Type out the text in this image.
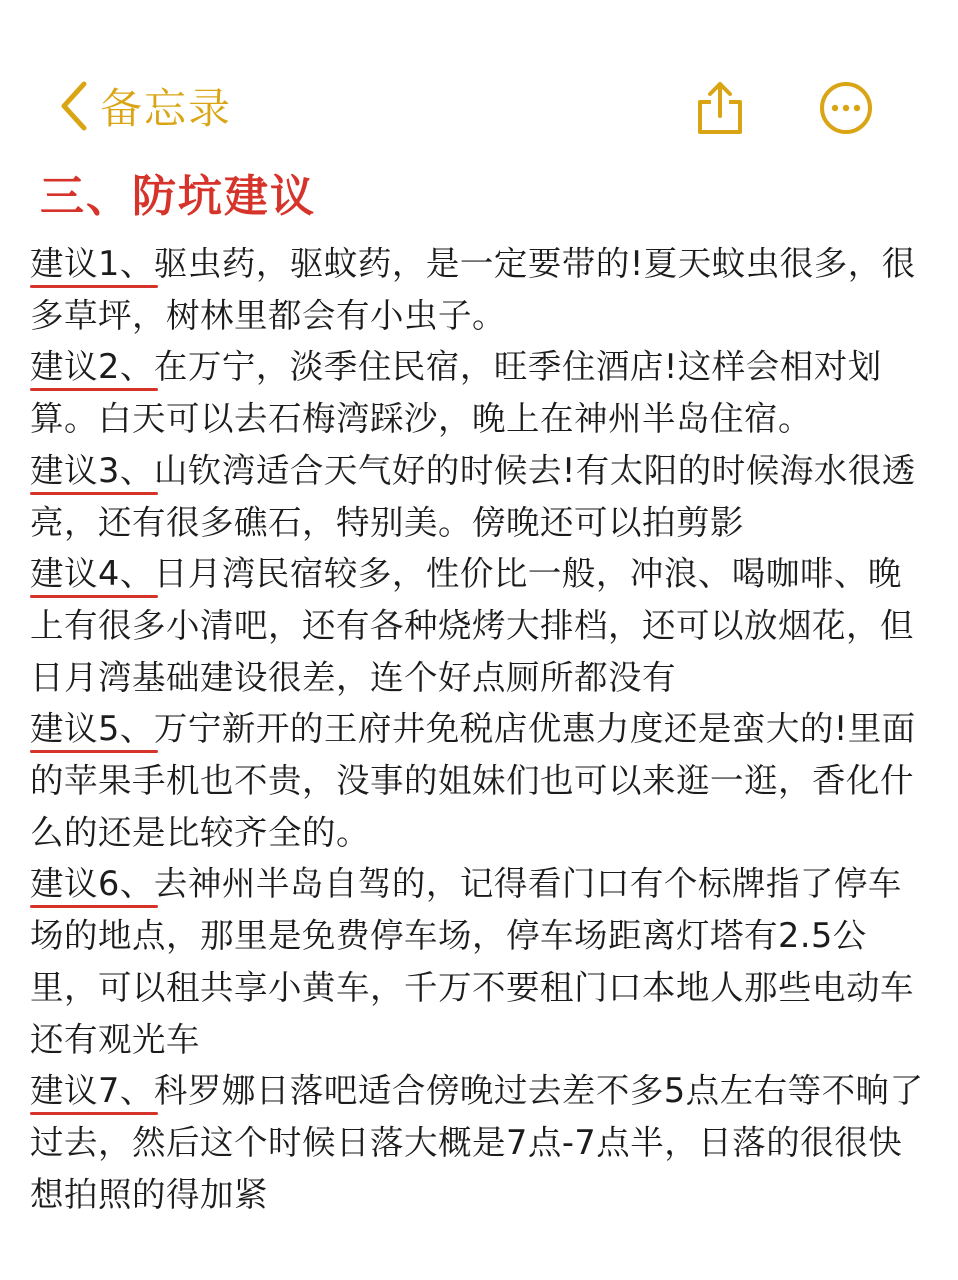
备忘录
三、防坑建议

建议1、驱虫药，驱蚊药，是一定要带的!夏天蚊虫很多，很多草坪，树林里都会有小虫子。

建议2、在万宁，淡季住民宿，旺季住酒店!这样会相对划算。白天可以去石梅湾踩沙，晚上在神州半岛住宿。

建议3、山钦湾适合天气好的时候去!有太阳的时候海水很透亮，还有很多礁石，特别美。傍晚还可以拍剪影

建议4、日月湾民宿较多，性价比一般，冲浪、喝咖啡、晚上有很多小清吧，还有各种烧烤大排档，还可以放烟花，但日月湾基础建设很差，连个好点厕所都没有

建议5、万宁新开的王府井免税店优惠力度还是蛮大的!里面的苹果手机也不贵，没事的姐妹们也可以来逛一逛，香化什么的还是比较齐全的。

建议6、去神州半岛自驾的，记得看门口有个标牌指了停车场的地点，那里是免费停车场，停车场距离灯塔有2.5公里，可以租共享小黄车，千万不要租门口本地人那些电动车还有观光车

建议7、科罗娜日落吧适合傍晚过去差不多5点左右等不晌了过去，然后这个时候日落大概是7点-7点半，日落的很很快想拍照的得加紧
